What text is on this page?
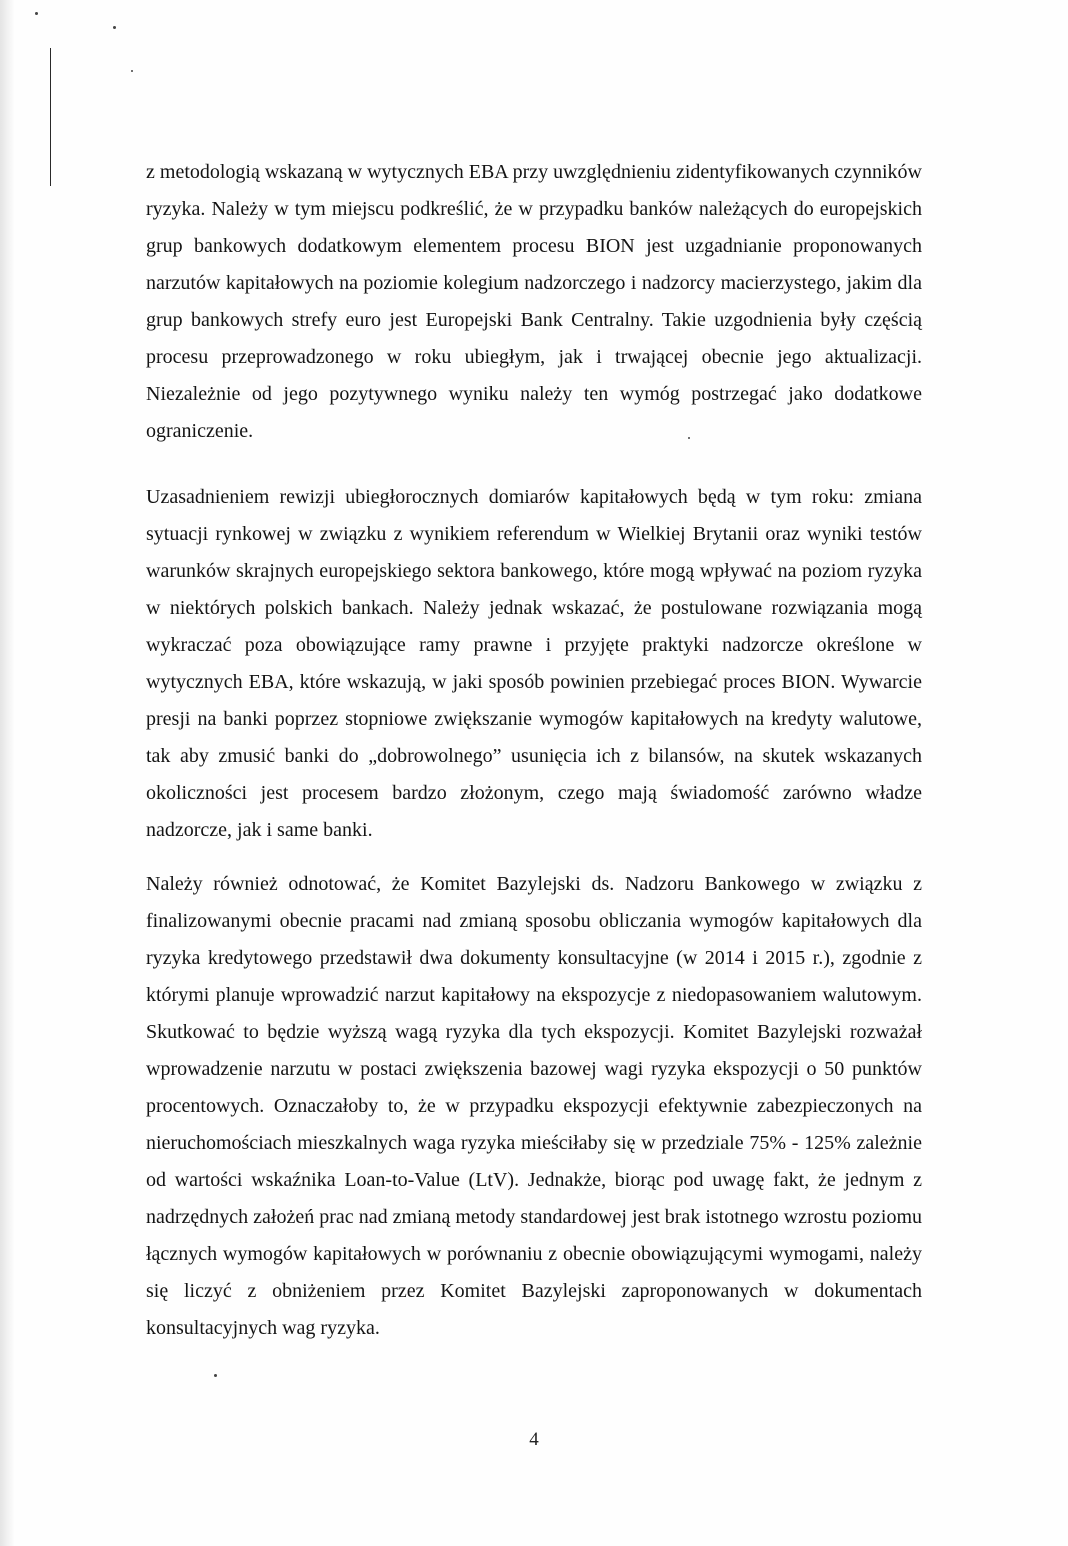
z metodologią wskazaną w wytycznych EBA przy uwzględnieniu zidentyfikowanych czynników ryzyka. Należy w tym miejscu podkreślić, że w przypadku banków należących do europejskich grup bankowych dodatkowym elementem procesu BION jest uzgadnianie proponowanych narzutów kapitałowych na poziomie kolegium nadzorczego i nadzorcy macierzystego, jakim dla grup bankowych strefy euro jest Europejski Bank Centralny. Takie uzgodnienia były częścią procesu przeprowadzonego w roku ubiegłym, jak i trwającej obecnie jego aktualizacji. Niezależnie od jego pozytywnego wyniku należy ten wymóg postrzegać jako dodatkowe ograniczenie.

Uzasadnieniem rewizji ubiegłorocznych domiarów kapitałowych będą w tym roku: zmiana sytuacji rynkowej w związku z wynikiem referendum w Wielkiej Brytanii oraz wyniki testów warunków skrajnych europejskiego sektora bankowego, które mogą wpływać na poziom ryzyka w niektórych polskich bankach. Należy jednak wskazać, że postulowane rozwiązania mogą wykraczać poza obowiązujące ramy prawne i przyjęte praktyki nadzorcze określone w wytycznych EBA, które wskazują, w jaki sposób powinien przebiegać proces BION. Wywarcie presji na banki poprzez stopniowe zwiększanie wymogów kapitałowych na kredyty walutowe, tak aby zmusić banki do „dobrowolnego” usunięcia ich z bilansów, na skutek wskazanych okoliczności jest procesem bardzo złożonym, czego mają świadomość zarówno władze nadzorcze, jak i same banki.

Należy również odnotować, że Komitet Bazylejski ds. Nadzoru Bankowego w związku z finalizowanymi obecnie pracami nad zmianą sposobu obliczania wymogów kapitałowych dla ryzyka kredytowego przedstawił dwa dokumenty konsultacyjne (w 2014 i 2015 r.), zgodnie z którymi planuje wprowadzić narzut kapitałowy na ekspozycje z niedopasowaniem walutowym. Skutkować to będzie wyższą wagą ryzyka dla tych ekspozycji. Komitet Bazylejski rozważał wprowadzenie narzutu w postaci zwiększenia bazowej wagi ryzyka ekspozycji o 50 punktów procentowych. Oznaczałoby to, że w przypadku ekspozycji efektywnie zabezpieczonych na nieruchomościach mieszkalnych waga ryzyka mieściłaby się w przedziale 75% - 125% zależnie od wartości wskaźnika Loan-to-Value (LtV). Jednakże, biorąc pod uwagę fakt, że jednym z nadrzędnych założeń prac nad zmianą metody standardowej jest brak istotnego wzrostu poziomu łącznych wymogów kapitałowych w porównaniu z obecnie obowiązującymi wymogami, należy się liczyć z obniżeniem przez Komitet Bazylejski zaproponowanych w dokumentach konsultacyjnych wag ryzyka.

4
